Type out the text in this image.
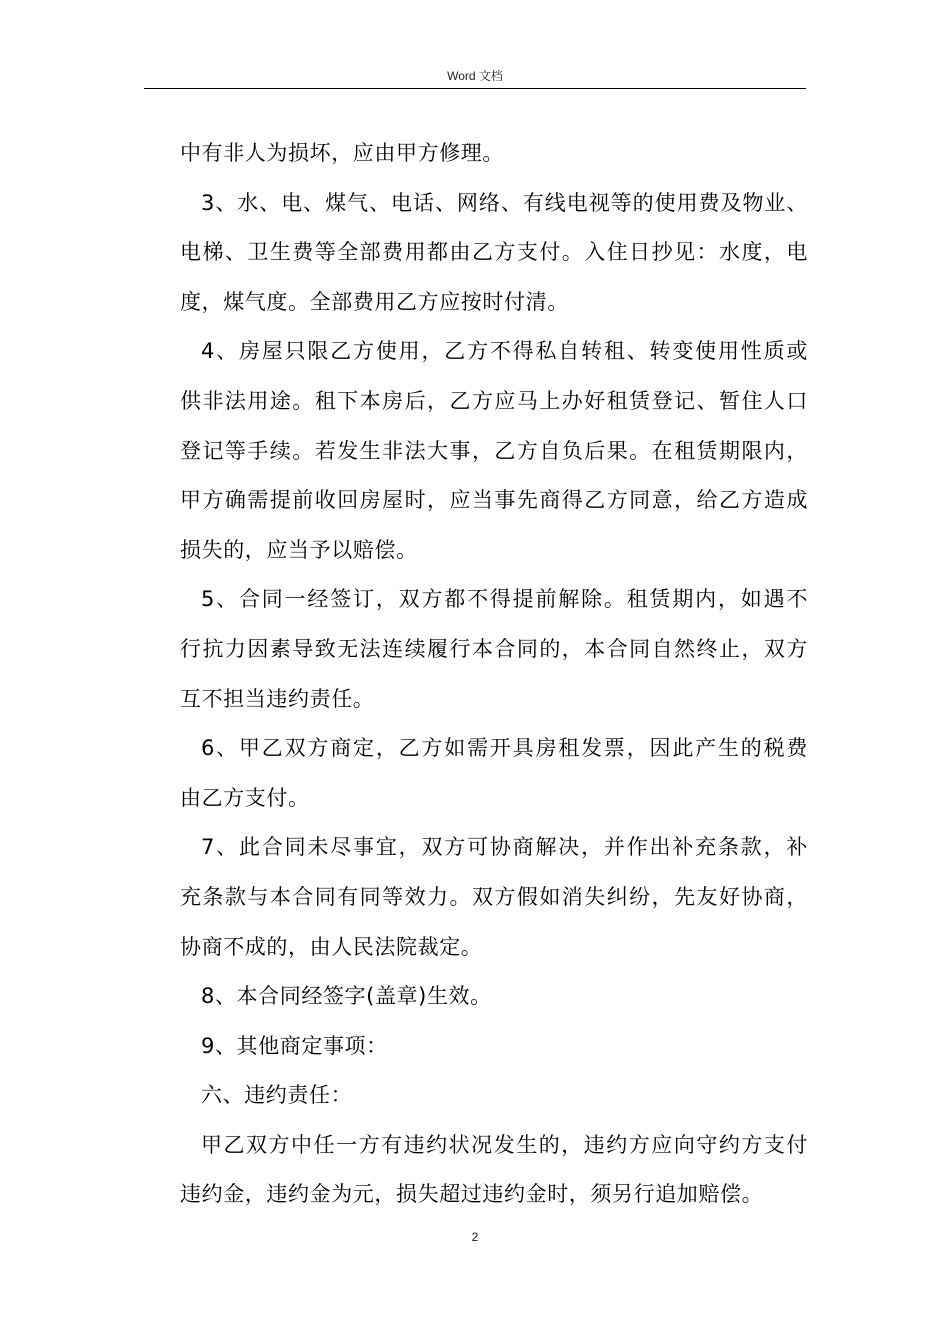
Word 文档
中有非人为损坏，应由甲方修理。
3、水、电、煤气、电话、网络、有线电视等的使用费及物业、
电梯、卫生费等全部费用都由乙方支付。入住日抄见：水度，电
度，煤气度。全部费用乙方应按时付清。
4、房屋只限乙方使用，乙方不得私自转租、转变使用性质或
供非法用途。租下本房后，乙方应马上办好租赁登记、暂住人口
登记等手续。若发生非法大事，乙方自负后果。在租赁期限内，
甲方确需提前收回房屋时，应当事先商得乙方同意，给乙方造成
损失的，应当予以赔偿。
5、合同一经签订，双方都不得提前解除。租赁期内，如遇不
行抗力因素导致无法连续履行本合同的，本合同自然终止，双方
互不担当违约责任。
6、甲乙双方商定，乙方如需开具房租发票，因此产生的税费
由乙方支付。
7、此合同未尽事宜，双方可协商解决，并作出补充条款，补
充条款与本合同有同等效力。双方假如消失纠纷，先友好协商，
协商不成的，由人民法院裁定。
8、本合同经签字(盖章)生效。
9、其他商定事项：
六、违约责任：
甲乙双方中任一方有违约状况发生的，违约方应向守约方支付
违约金，违约金为元，损失超过违约金时，须另行追加赔偿。
2
